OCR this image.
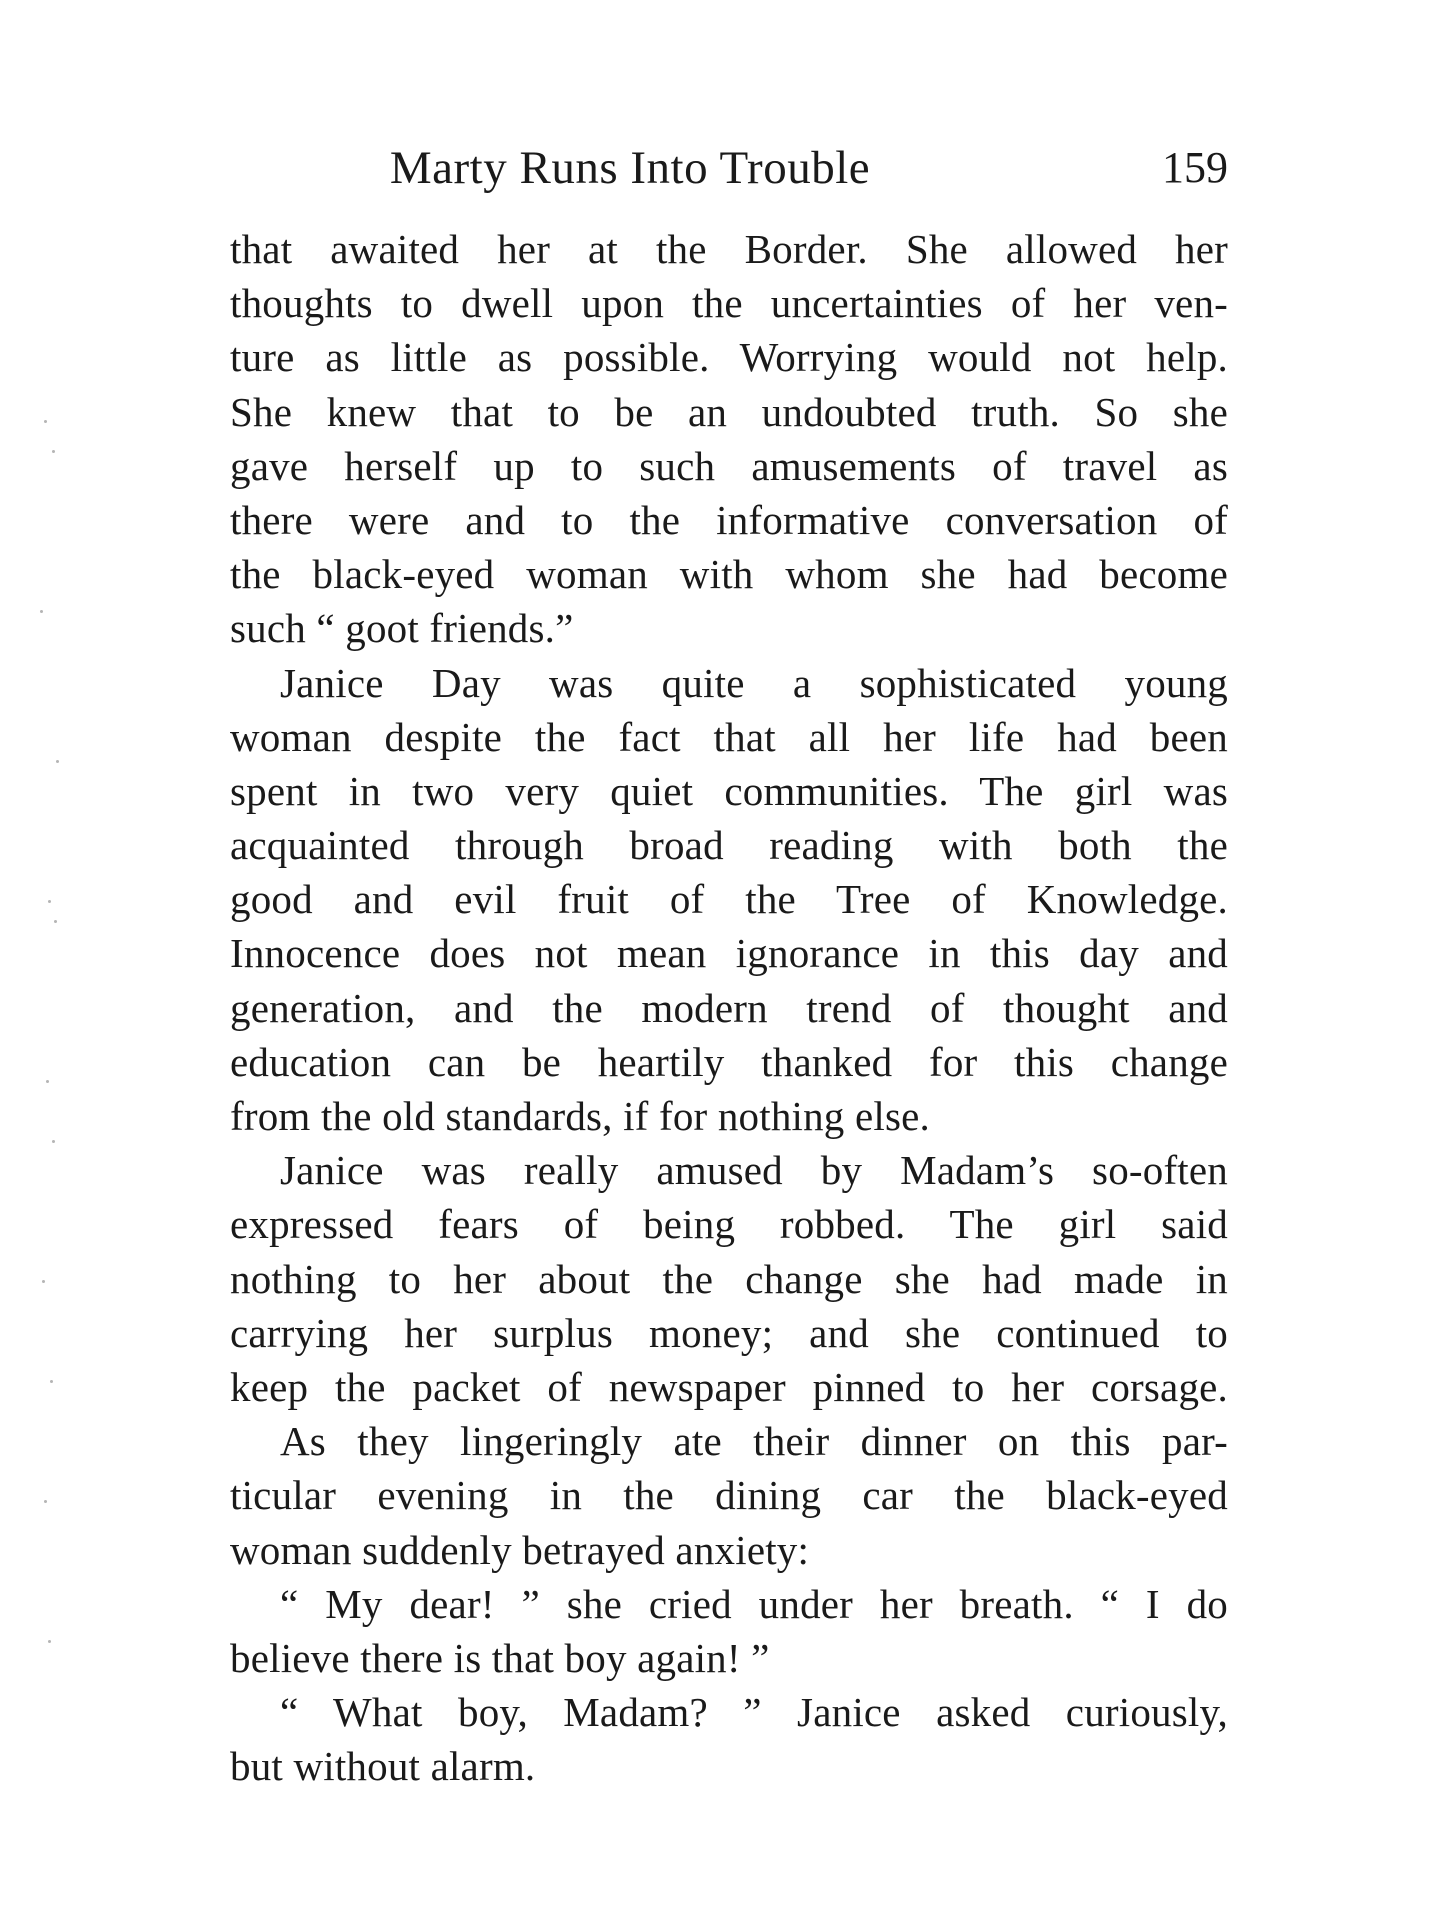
Marty Runs Into Trouble	159
that awaited her at the Border. She allowed her
thoughts to dwell upon the uncertainties of her ven-
ture as little as possible. Worrying would not help.
She knew that to be an undoubted truth. So she
gave herself up to such amusements of travel as
there were and to the informative conversation of
the black-eyed woman with whom she had become
such “ goot friends.”
Janice Day was quite a sophisticated young
woman despite the fact that all her life had been
spent in two very quiet communities. The girl was
acquainted through broad reading with both the
good and evil fruit of the Tree of Knowledge.
Innocence does not mean ignorance in this day and
generation, and the modern trend of thought and
education can be heartily thanked for this change
from the old standards, if for nothing else.
Janice was really amused by Madam’s so-often
expressed fears of being robbed. The girl said
nothing to her about the change she had made in
carrying her surplus money; and she continued to
keep the packet of newspaper pinned to her corsage.
As they lingeringly ate their dinner on this par-
ticular evening in the dining car the black-eyed
woman suddenly betrayed anxiety:
“ My dear! ” she cried under her breath. “ I do
believe there is that boy again! ”
“ What boy, Madam? ” Janice asked curiously,
but without alarm.
